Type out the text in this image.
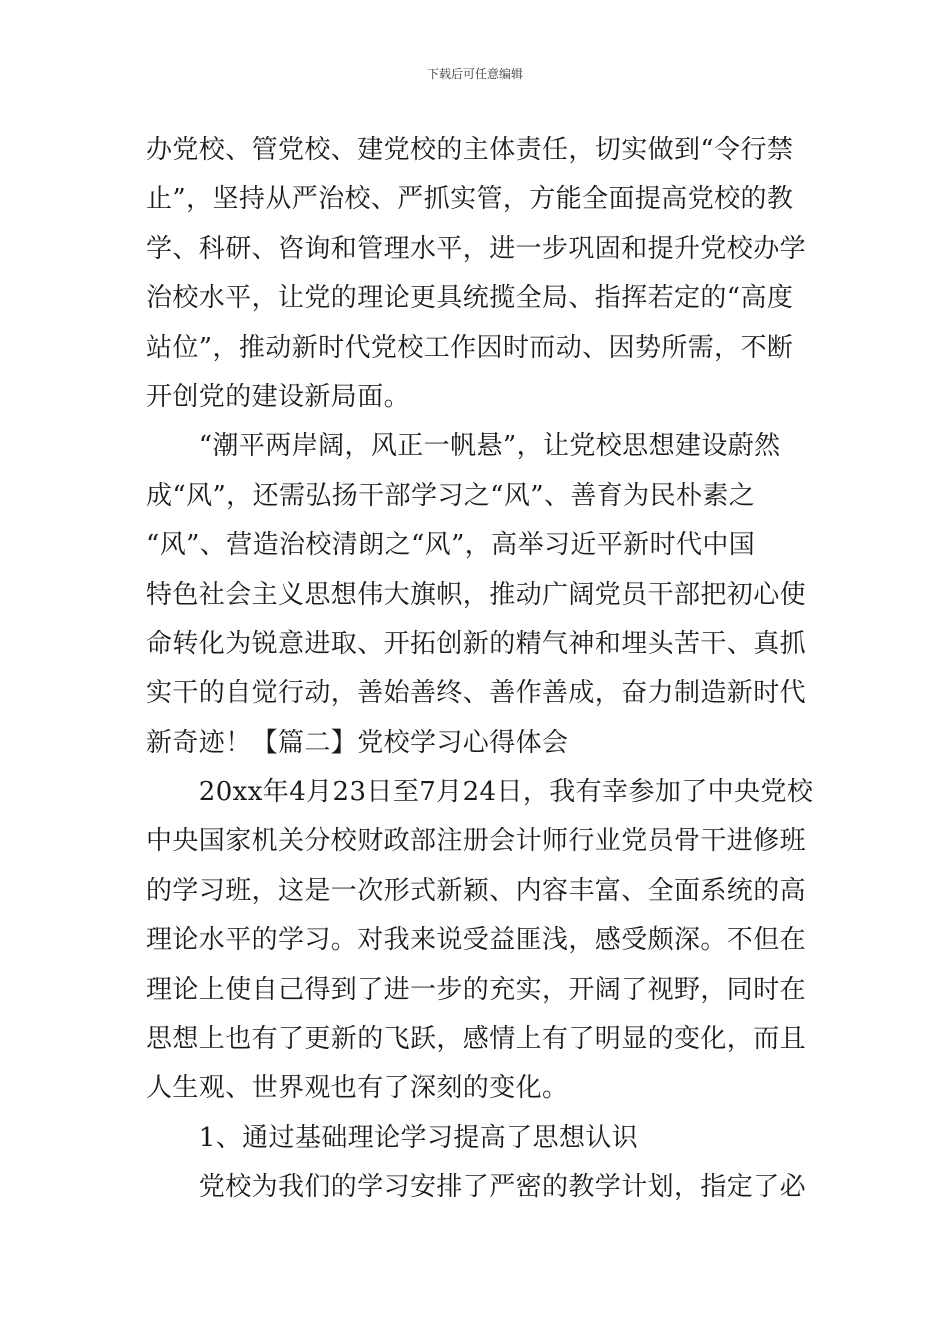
下载后可任意编辑
办党校、管党校、建党校的主体责任，切实做到“令行禁
止”，坚持从严治校、严抓实管，方能全面提高党校的教
学、科研、咨询和管理水平，进一步巩固和提升党校办学
治校水平，让党的理论更具统揽全局、指挥若定的“高度
站位”，推动新时代党校工作因时而动、因势所需，不断
开创党的建设新局面。
　　“潮平两岸阔，风正一帆悬”，让党校思想建设蔚然
成“风”，还需弘扬干部学习之“风”、善育为民朴素之
“风”、营造治校清朗之“风”，高举习近平新时代中国
特色社会主义思想伟大旗帜，推动广阔党员干部把初心使
命转化为锐意进取、开拓创新的精气神和埋头苦干、真抓
实干的自觉行动，善始善终、善作善成，奋力制造新时代
新奇迹！【篇二】党校学习心得体会
　　20xx年4月23日至7月24日，我有幸参加了中央党校
中央国家机关分校财政部注册会计师行业党员骨干进修班
的学习班，这是一次形式新颖、内容丰富、全面系统的高
理论水平的学习。对我来说受益匪浅，感受颇深。不但在
理论上使自己得到了进一步的充实，开阔了视野，同时在
思想上也有了更新的飞跃，感情上有了明显的变化，而且
人生观、世界观也有了深刻的变化。
　　1、通过基础理论学习提高了思想认识
　　党校为我们的学习安排了严密的教学计划，指定了必
